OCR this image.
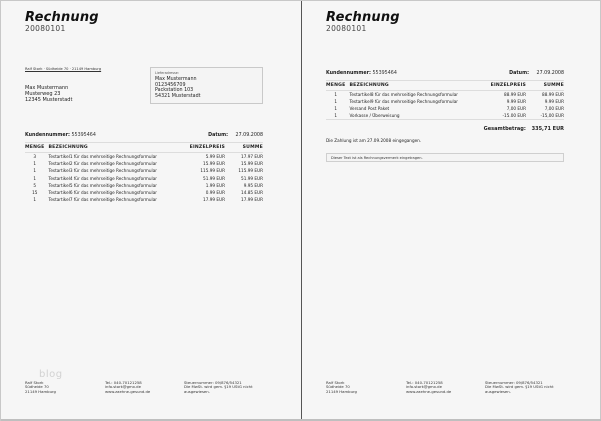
Rechnung
20080101
Ralf Stork · Südheide 70 · 21149 Hamburg
Max Mustermann
Musterweg 23
12345 Musterstadt
Lieferadresse:
Max Mustermann
0123456709
Packstation 103
54321 Musterstadt
Kundennummer: 55395464	Datum: 27.09.2008
MENGE	BEZEICHNUNG	EINZELPREIS	SUMME
3	Testartikel1 für das mehrseitige Rechnungsformular	5.99 EUR	17.97 EUR
1	Testartikel2 für das mehrseitige Rechnungsformular	15.99 EUR	15.99 EUR
1	Testartikel3 für das mehrseitige Rechnungsformular	115.99 EUR	115.99 EUR
1	Testartikel4 für das mehrseitige Rechnungsformular	51.99 EUR	51.99 EUR
5	Testartikel5 für das mehrseitige Rechnungsformular	1.99 EUR	9.95 EUR
15	Testartikel6 für das mehrseitige Rechnungsformular	0.99 EUR	14.85 EUR
1	Testartikel7 für das mehrseitige Rechnungsformular	17.99 EUR	17.99 EUR
blog
Ralf Stork
Südheide 70
21149 Hamburg
Tel.: 040-70121258
info.stork@gmx.de
www.zaehne-gesund.de
Steuernummer: 09/876/54321
Die MwSt. wird gem. §19 UStG nicht
ausgewiesen.
Rechnung
20080101
Kundennummer: 55395464	Datum: 27.09.2008
MENGE	BEZEICHNUNG	EINZELPREIS	SUMME
1	Testartikel8 für das mehrseitige Rechnungsformular	88.99 EUR	88.99 EUR
1	Testartikel9 für das mehrseitige Rechnungsformular	9.99 EUR	9.99 EUR
1	Versand Post Paket	7,00 EUR	7,00 EUR
1	Vorkasse / Überweisung	-15.00 EUR	-15,00 EUR
Gesamtbetrag: 335,71 EUR
Die Zahlung ist am 27.09.2008 eingegangen.
Dieser Text ist als Rechnungsvermerk eingetragen.
Ralf Stork
Südheide 70
21149 Hamburg
Tel.: 040-70121258
info.stork@gmx.de
www.zaehne-gesund.de
Steuernummer: 09/876/54321
Die MwSt. wird gem. §19 UStG nicht
ausgewiesen.
